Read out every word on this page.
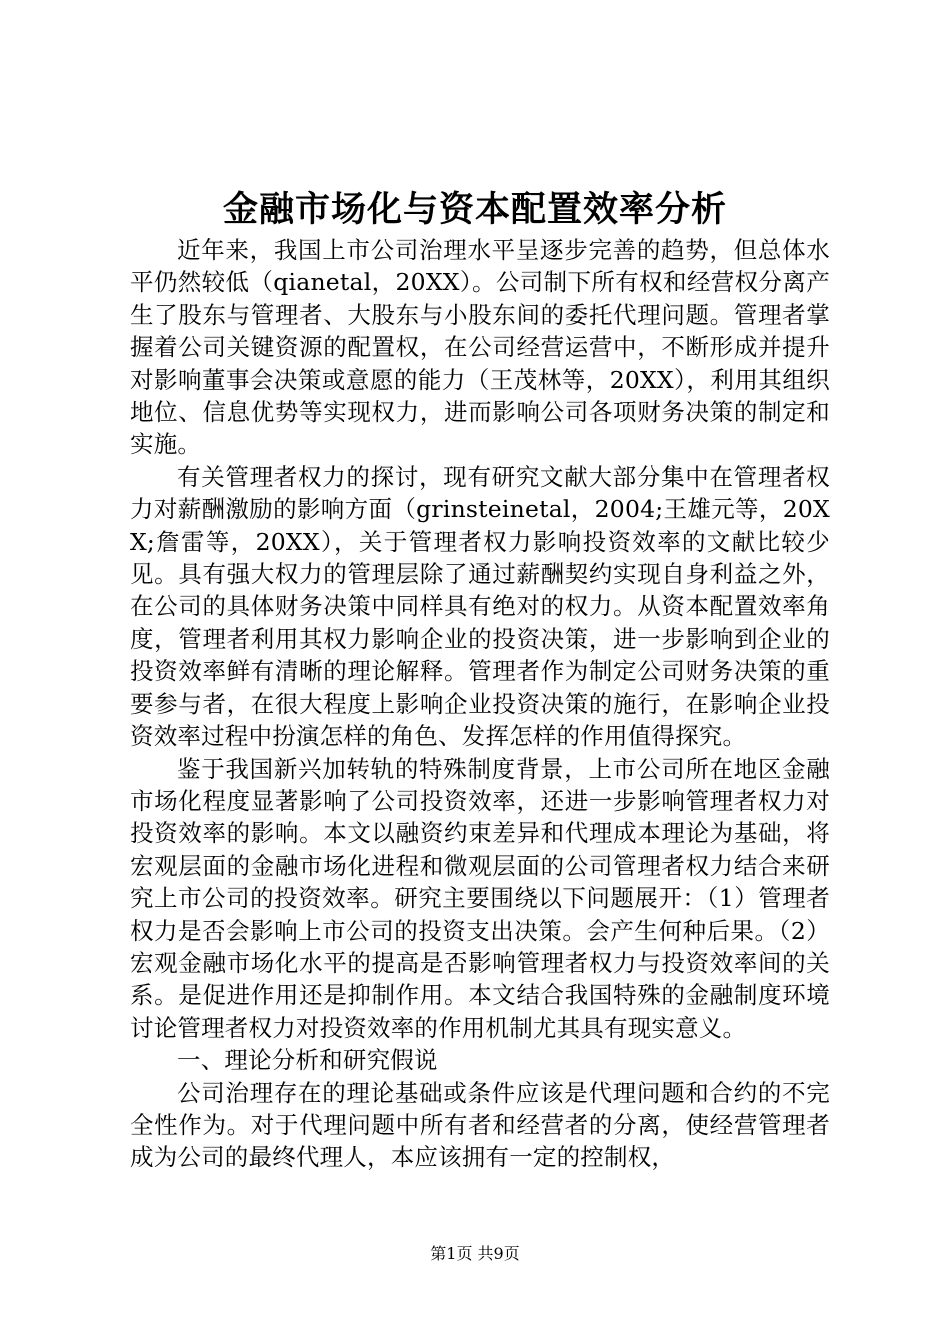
金融市场化与资本配置效率分析

近年来，我国上市公司治理水平呈逐步完善的趋势，但总体水平仍然较低（qianetal，20XX）。公司制下所有权和经营权分离产生了股东与管理者、大股东与小股东间的委托代理问题。管理者掌握着公司关键资源的配置权，在公司经营运营中，不断形成并提升对影响董事会决策或意愿的能力（王茂林等，20XX），利用其组织地位、信息优势等实现权力，进而影响公司各项财务决策的制定和实施。

有关管理者权力的探讨，现有研究文献大部分集中在管理者权力对薪酬激励的影响方面（grinsteinetal，2004;王雄元等，20XX;詹雷等，20XX），关于管理者权力影响投资效率的文献比较少见。具有强大权力的管理层除了通过薪酬契约实现自身利益之外，在公司的具体财务决策中同样具有绝对的权力。从资本配置效率角度，管理者利用其权力影响企业的投资决策，进一步影响到企业的投资效率鲜有清晰的理论解释。管理者作为制定公司财务决策的重要参与者，在很大程度上影响企业投资决策的施行，在影响企业投资效率过程中扮演怎样的角色、发挥怎样的作用值得探究。

鉴于我国新兴加转轨的特殊制度背景，上市公司所在地区金融市场化程度显著影响了公司投资效率，还进一步影响管理者权力对投资效率的影响。本文以融资约束差异和代理成本理论为基础，将宏观层面的金融市场化进程和微观层面的公司管理者权力结合来研究上市公司的投资效率。研究主要围绕以下问题展开：（1）管理者权力是否会影响上市公司的投资支出决策。会产生何种后果。（2）宏观金融市场化水平的提高是否影响管理者权力与投资效率间的关系。是促进作用还是抑制作用。本文结合我国特殊的金融制度环境讨论管理者权力对投资效率的作用机制尤其具有现实意义。

一、理论分析和研究假说

公司治理存在的理论基础或条件应该是代理问题和合约的不完全性作为。对于代理问题中所有者和经营者的分离，使经营管理者成为公司的最终代理人，本应该拥有一定的控制权，

第1页 共9页
